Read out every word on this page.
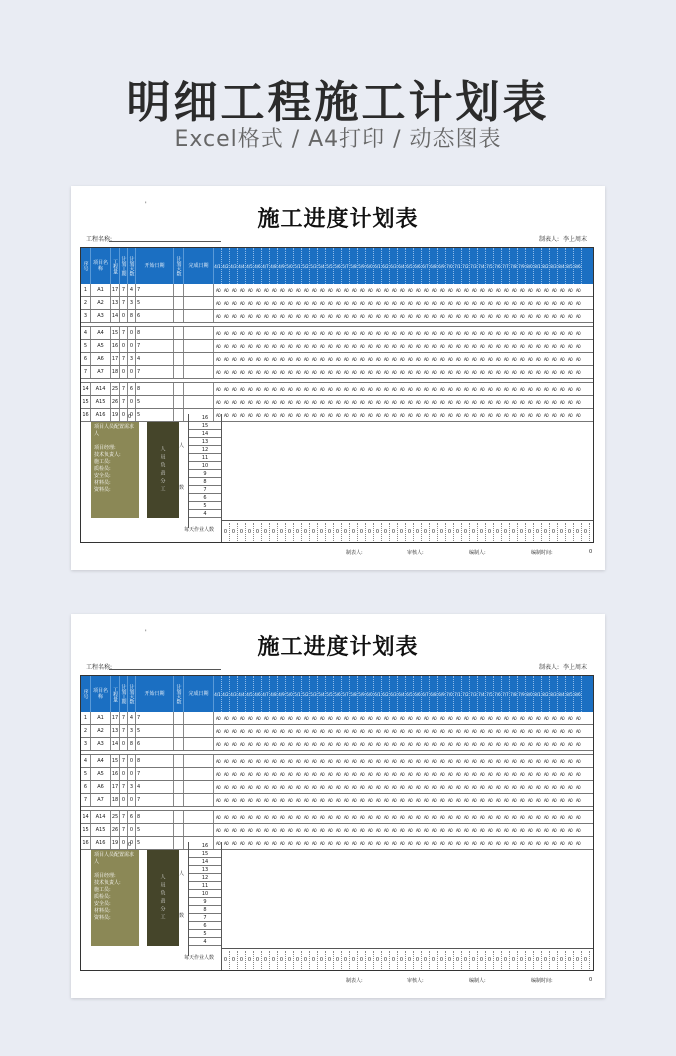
明细工程施工计划表
Excel格式 / A4打印 / 动态图表
'
施工进度计划表
工程名称:	制表人: 李上周末
序号 项目名称	工程量 计划工期 计划天数	开始日期	计划天数	完成日期	4/1 4/2 4/3 4/4 4/5 4/6 4/7 4/8 4/9 5/0 5/1 5/2 5/3 5/4 5/5 5/6 5/7 5/8 5/9 6/0 6/1 6/2 6/3 6/4 6/5 6/6 6/7 6/8 6/9 7/0 7/1 7/2 7/3 7/4 7/5 7/6 7/7 7/8 7/9 8/0 8/1 8/2 8/3 8/4 8/5 8/6
1	A1	17 7 4 7	A0 A0 A0 A0 A0 A0 A0 A0 A0 A0 A0 A0 A0 A0 A0 A0 A0 A0 A0 A0 A0 A0 A0 A0 A0 A0 A0 A0 A0 A0 A0 A0 A0 A0 A0 A0 A0 A0 A0 A0 A0 A0 A0 A0 A0 A0
2	A2	13 7 3 5	A0 A0 A0 A0 A0 A0 A0 A0 A0 A0 A0 A0 A0 A0 A0 A0 A0 A0 A0 A0 A0 A0 A0 A0 A0 A0 A0 A0 A0 A0 A0 A0 A0 A0 A0 A0 A0 A0 A0 A0 A0 A0 A0 A0 A0 A0
3	A3	14 0 8 6	A0 A0 A0 A0 A0 A0 A0 A0 A0 A0 A0 A0 A0 A0 A0 A0 A0 A0 A0 A0 A0 A0 A0 A0 A0 A0 A0 A0 A0 A0 A0 A0 A0 A0 A0 A0 A0 A0 A0 A0 A0 A0 A0 A0 A0 A0
4	A4	15 7 0 8	A0 A0 A0 A0 A0 A0 A0 A0 A0 A0 A0 A0 A0 A0 A0 A0 A0 A0 A0 A0 A0 A0 A0 A0 A0 A0 A0 A0 A0 A0 A0 A0 A0 A0 A0 A0 A0 A0 A0 A0 A0 A0 A0 A0 A0 A0
5	A5	16 0 0 7	A0 A0 A0 A0 A0 A0 A0 A0 A0 A0 A0 A0 A0 A0 A0 A0 A0 A0 A0 A0 A0 A0 A0 A0 A0 A0 A0 A0 A0 A0 A0 A0 A0 A0 A0 A0 A0 A0 A0 A0 A0 A0 A0 A0 A0 A0
6	A6	17 7 3 4	A0 A0 A0 A0 A0 A0 A0 A0 A0 A0 A0 A0 A0 A0 A0 A0 A0 A0 A0 A0 A0 A0 A0 A0 A0 A0 A0 A0 A0 A0 A0 A0 A0 A0 A0 A0 A0 A0 A0 A0 A0 A0 A0 A0 A0 A0
7	A7	18 0 0 7	A0 A0 A0 A0 A0 A0 A0 A0 A0 A0 A0 A0 A0 A0 A0 A0 A0 A0 A0 A0 A0 A0 A0 A0 A0 A0 A0 A0 A0 A0 A0 A0 A0 A0 A0 A0 A0 A0 A0 A0 A0 A0 A0 A0 A0 A0
14	A14	25 7 6 8	A0 A0 A0 A0 A0 A0 A0 A0 A0 A0 A0 A0 A0 A0 A0 A0 A0 A0 A0 A0 A0 A0 A0 A0 A0 A0 A0 A0 A0 A0 A0 A0 A0 A0 A0 A0 A0 A0 A0 A0 A0 A0 A0 A0 A0 A0
15	A15	26 7 0 5	A0 A0 A0 A0 A0 A0 A0 A0 A0 A0 A0 A0 A0 A0 A0 A0 A0 A0 A0 A0 A0 A0 A0 A0 A0 A0 A0 A0 A0 A0 A0 A0 A0 A0 A0 A0 A0 A0 A0 A0 A0 A0 A0 A0 A0 A0
16	A16	19 0 0 5	A0 A0 A0 A0 A0 A0 A0 A0 A0 A0 A0 A0 A0 A0 A0 A0 A0 A0 A0 A0 A0 A0 A0 A0 A0 A0 A0 A0 A0 A0 A0 A0 A0 A0 A0 A0 A0 A0 A0 A0 A0 A0 A0 A0 A0 A0
0
项目人员配置需求人

项目经理:
技术负责人:
施工员:
质检员:
安全员:
材料员:
资料员:	人员负责分工	人
数
16
15
14
13
12
11
10
9
8
7
6
5
4
每天作业人数	0 0 0 0 0 0 0 0 0 0 0 0 0 0 0 0 0 0 0 0 0 0 0 0 0 0 0 0 0 0 0 0 0 0 0 0 0 0 0 0 0 0 0 0 0 0
制表人:	审核人:	编制人:	编制时间:	0
'
施工进度计划表
工程名称:	制表人: 李上周末
序号 项目名称	工程量 计划工期 计划天数	开始日期	计划天数	完成日期	4/1 4/2 4/3 4/4 4/5 4/6 4/7 4/8 4/9 5/0 5/1 5/2 5/3 5/4 5/5 5/6 5/7 5/8 5/9 6/0 6/1 6/2 6/3 6/4 6/5 6/6 6/7 6/8 6/9 7/0 7/1 7/2 7/3 7/4 7/5 7/6 7/7 7/8 7/9 8/0 8/1 8/2 8/3 8/4 8/5 8/6
1	A1	17 7 4 7	A0 A0 A0 A0 A0 A0 A0 A0 A0 A0 A0 A0 A0 A0 A0 A0 A0 A0 A0 A0 A0 A0 A0 A0 A0 A0 A0 A0 A0 A0 A0 A0 A0 A0 A0 A0 A0 A0 A0 A0 A0 A0 A0 A0 A0 A0
2	A2	13 7 3 5	A0 A0 A0 A0 A0 A0 A0 A0 A0 A0 A0 A0 A0 A0 A0 A0 A0 A0 A0 A0 A0 A0 A0 A0 A0 A0 A0 A0 A0 A0 A0 A0 A0 A0 A0 A0 A0 A0 A0 A0 A0 A0 A0 A0 A0 A0
3	A3	14 0 8 6	A0 A0 A0 A0 A0 A0 A0 A0 A0 A0 A0 A0 A0 A0 A0 A0 A0 A0 A0 A0 A0 A0 A0 A0 A0 A0 A0 A0 A0 A0 A0 A0 A0 A0 A0 A0 A0 A0 A0 A0 A0 A0 A0 A0 A0 A0
4	A4	15 7 0 8	A0 A0 A0 A0 A0 A0 A0 A0 A0 A0 A0 A0 A0 A0 A0 A0 A0 A0 A0 A0 A0 A0 A0 A0 A0 A0 A0 A0 A0 A0 A0 A0 A0 A0 A0 A0 A0 A0 A0 A0 A0 A0 A0 A0 A0 A0
5	A5	16 0 0 7	A0 A0 A0 A0 A0 A0 A0 A0 A0 A0 A0 A0 A0 A0 A0 A0 A0 A0 A0 A0 A0 A0 A0 A0 A0 A0 A0 A0 A0 A0 A0 A0 A0 A0 A0 A0 A0 A0 A0 A0 A0 A0 A0 A0 A0 A0
6	A6	17 7 3 4	A0 A0 A0 A0 A0 A0 A0 A0 A0 A0 A0 A0 A0 A0 A0 A0 A0 A0 A0 A0 A0 A0 A0 A0 A0 A0 A0 A0 A0 A0 A0 A0 A0 A0 A0 A0 A0 A0 A0 A0 A0 A0 A0 A0 A0 A0
7	A7	18 0 0 7	A0 A0 A0 A0 A0 A0 A0 A0 A0 A0 A0 A0 A0 A0 A0 A0 A0 A0 A0 A0 A0 A0 A0 A0 A0 A0 A0 A0 A0 A0 A0 A0 A0 A0 A0 A0 A0 A0 A0 A0 A0 A0 A0 A0 A0 A0
14	A14	25 7 6 8	A0 A0 A0 A0 A0 A0 A0 A0 A0 A0 A0 A0 A0 A0 A0 A0 A0 A0 A0 A0 A0 A0 A0 A0 A0 A0 A0 A0 A0 A0 A0 A0 A0 A0 A0 A0 A0 A0 A0 A0 A0 A0 A0 A0 A0 A0
15	A15	26 7 0 5	A0 A0 A0 A0 A0 A0 A0 A0 A0 A0 A0 A0 A0 A0 A0 A0 A0 A0 A0 A0 A0 A0 A0 A0 A0 A0 A0 A0 A0 A0 A0 A0 A0 A0 A0 A0 A0 A0 A0 A0 A0 A0 A0 A0 A0 A0
16	A16	19 0 0 5	A0 A0 A0 A0 A0 A0 A0 A0 A0 A0 A0 A0 A0 A0 A0 A0 A0 A0 A0 A0 A0 A0 A0 A0 A0 A0 A0 A0 A0 A0 A0 A0 A0 A0 A0 A0 A0 A0 A0 A0 A0 A0 A0 A0 A0 A0
0
项目人员配置需求人

项目经理:
技术负责人:
施工员:
质检员:
安全员:
材料员:
资料员:	人员负责分工	人
数
16
15
14
13
12
11
10
9
8
7
6
5
4
每天作业人数	0 0 0 0 0 0 0 0 0 0 0 0 0 0 0 0 0 0 0 0 0 0 0 0 0 0 0 0 0 0 0 0 0 0 0 0 0 0 0 0 0 0 0 0 0 0
制表人:	审核人:	编制人:	编制时间:	0
